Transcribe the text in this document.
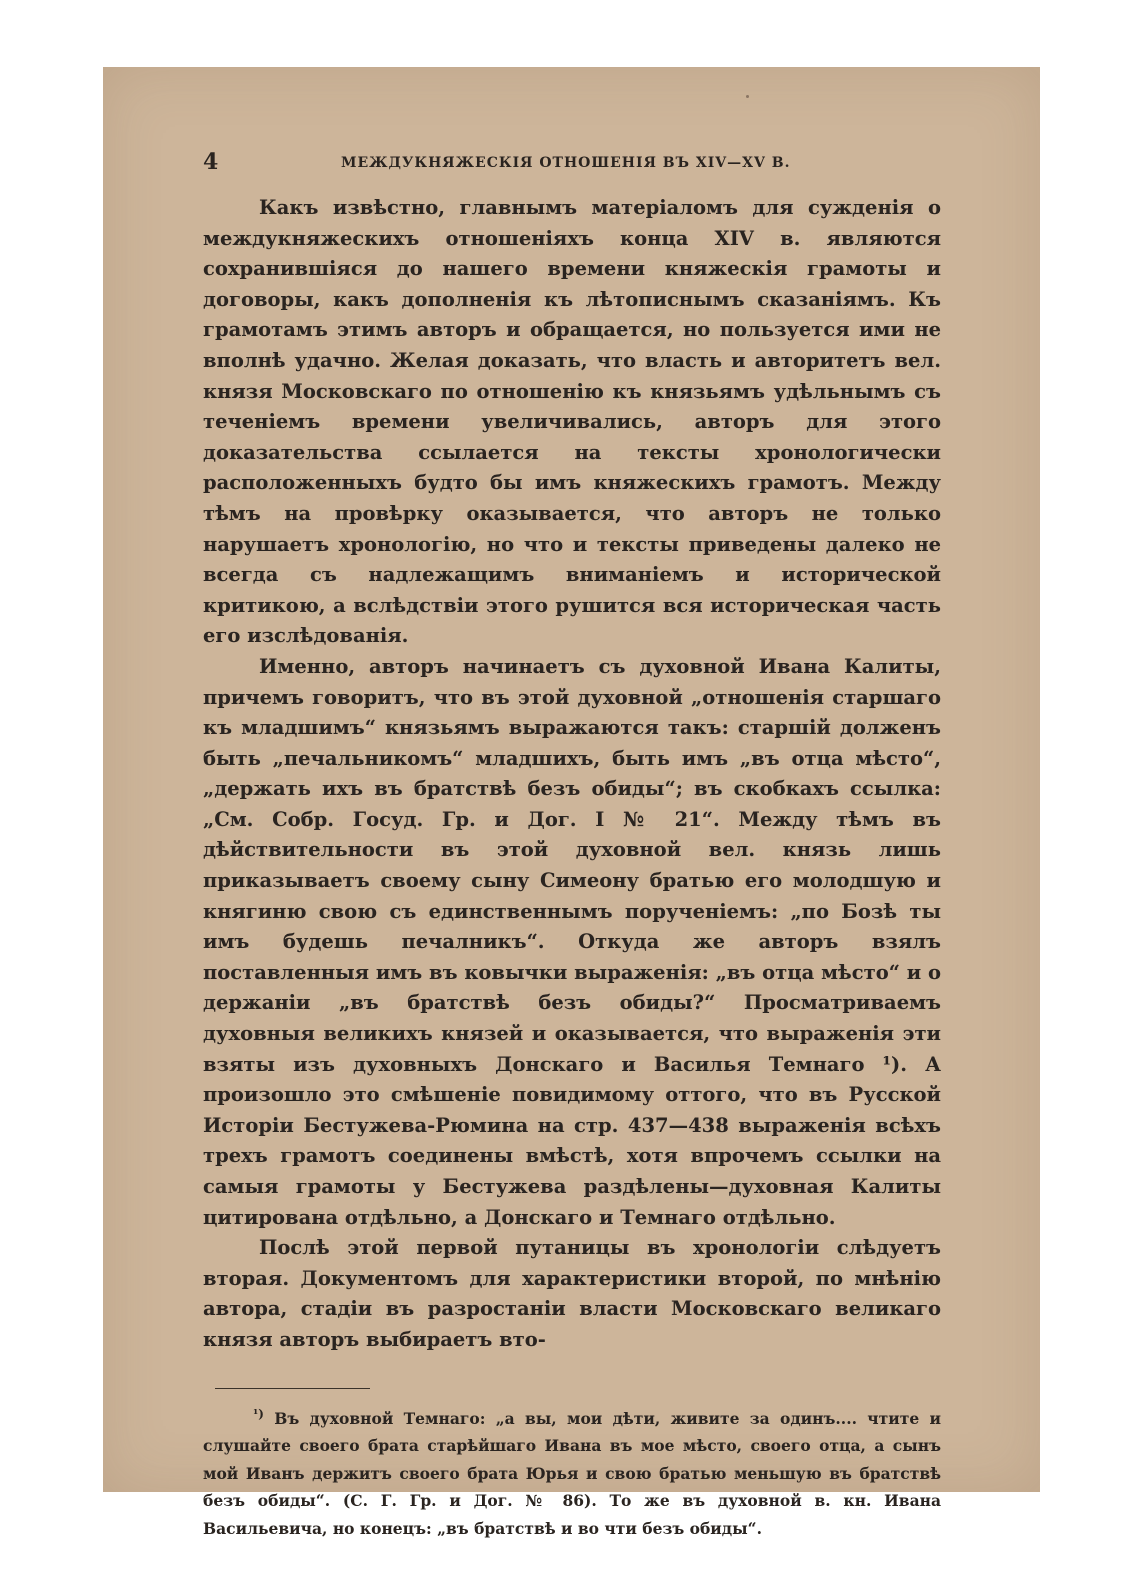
4	МЕЖДУКНЯЖЕСКІЯ ОТНОШЕНІЯ ВЪ XIV—XV В.

Какъ извѣстно, главнымъ матеріаломъ для сужденія о междукняжескихъ отношеніяхъ конца XIV в. являются сохранившіяся до нашего времени княжескія грамоты и договоры, какъ дополненія къ лѣтописнымъ сказаніямъ. Къ грамотамъ этимъ авторъ и обращается, но пользуется ими не вполнѣ удачно. Желая доказать, что власть и авторитетъ вел. князя Московскаго по отношенію къ князьямъ удѣльнымъ съ теченіемъ времени увеличивались, авторъ для этого доказательства ссылается на тексты хронологически расположенныхъ будто бы имъ княжескихъ грамотъ. Между тѣмъ на провѣрку оказывается, что авторъ не только нарушаетъ хронологію, но что и тексты приведены далеко не всегда съ надлежащимъ вниманіемъ и исторической критикою, а вслѣдствіи этого рушится вся историческая часть его изслѣдованія.

Именно, авторъ начинаетъ съ духовной Ивана Калиты, причемъ говоритъ, что въ этой духовной „отношенія старшаго къ младшимъ“ князьямъ выражаются такъ: старшій долженъ быть „печальникомъ“ младшихъ, быть имъ „въ отца мѣсто“, „держать ихъ въ братствѣ безъ обиды“; въ скобкахъ ссылка: „См. Собр. Госуд. Гр. и Дог. I № 21“. Между тѣмъ въ дѣйствительности въ этой духовной вел. князь лишь приказываетъ своему сыну Симеону братью его молодшую и княгиню свою съ единственнымъ порученіемъ: „по Бозѣ ты имъ будешь печалникъ“. Откуда же авторъ взялъ поставленныя имъ въ ковычки выраженія: „въ отца мѣсто“ и о держаніи „въ братствѣ безъ обиды?“ Просматриваемъ духовныя великихъ князей и оказывается, что выраженія эти взяты изъ духовныхъ Донскаго и Василья Темнаго ¹). А произошло это смѣшеніе повидимому оттого, что въ Русской Исторіи Бестужева-Рюмина на стр. 437—438 выраженія всѣхъ трехъ грамотъ соединены вмѣстѣ, хотя впрочемъ ссылки на самыя грамоты у Бестужева раздѣлены—духовная Калиты цитирована отдѣльно, а Донскаго и Темнаго отдѣльно.

Послѣ этой первой путаницы въ хронологіи слѣдуетъ вторая. Документомъ для характеристики второй, по мнѣнію автора, стадіи въ разростаніи власти Московскаго великаго князя авторъ выбираетъ вто-

$^{^1)}$ Въ духовной Темнаго: „а вы, мои дѣти, живите за одинъ.... чтите и слушайте своего брата старѣйшаго Ивана въ мое мѣсто, своего отца, а сынъ мой Иванъ держитъ своего брата Юрья и свою братью меньшую въ братствѣ безъ обиды“. (С. Г. Гр. и Дог. № 86). То же въ духовной в. кн. Ивана Васильевича, но конецъ: „въ братствѣ и во чти безъ обиды“.
